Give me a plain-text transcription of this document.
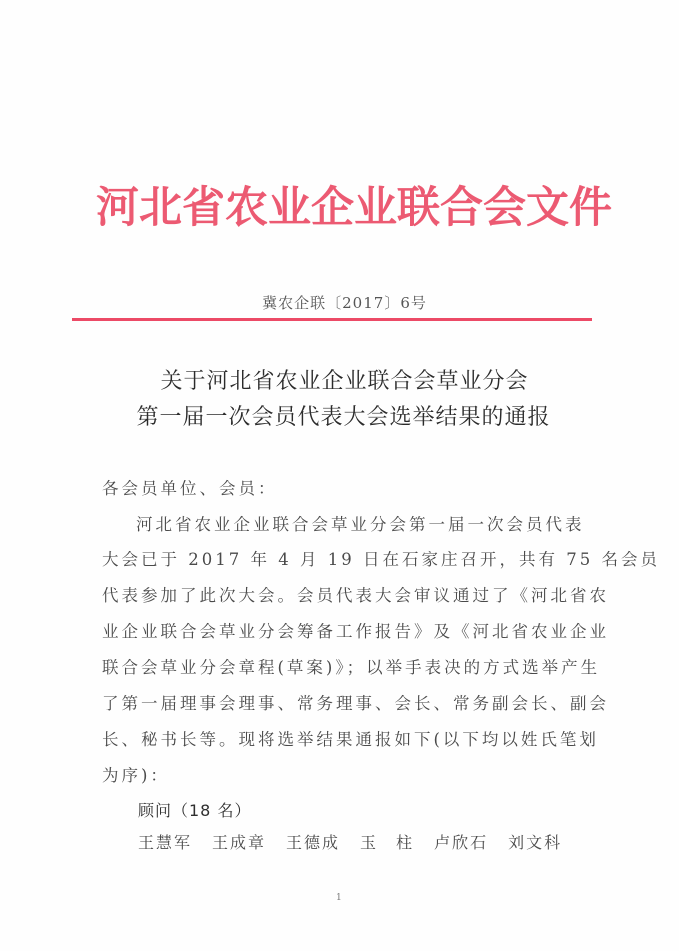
河北省农业企业联合会文件
冀农企联〔2017〕6号
关于河北省农业企业联合会草业分会
第一届一次会员代表大会选举结果的通报
各会员单位、会员：
河北省农业企业联合会草业分会第一届一次会员代表
大会已于 2017 年 4 月 19 日在石家庄召开，共有 75 名会员
代表参加了此次大会。会员代表大会审议通过了《河北省农
业企业联合会草业分会筹备工作报告》及《河北省农业企业
联合会草业分会章程(草案)》；以举手表决的方式选举产生
了第一届理事会理事、常务理事、会长、常务副会长、副会
长、秘书长等。现将选举结果通报如下(以下均以姓氏笔划
为序)：
顾问（18 名）
王慧军 王成章 王德成 玉　柱 卢欣石 刘文科
1
